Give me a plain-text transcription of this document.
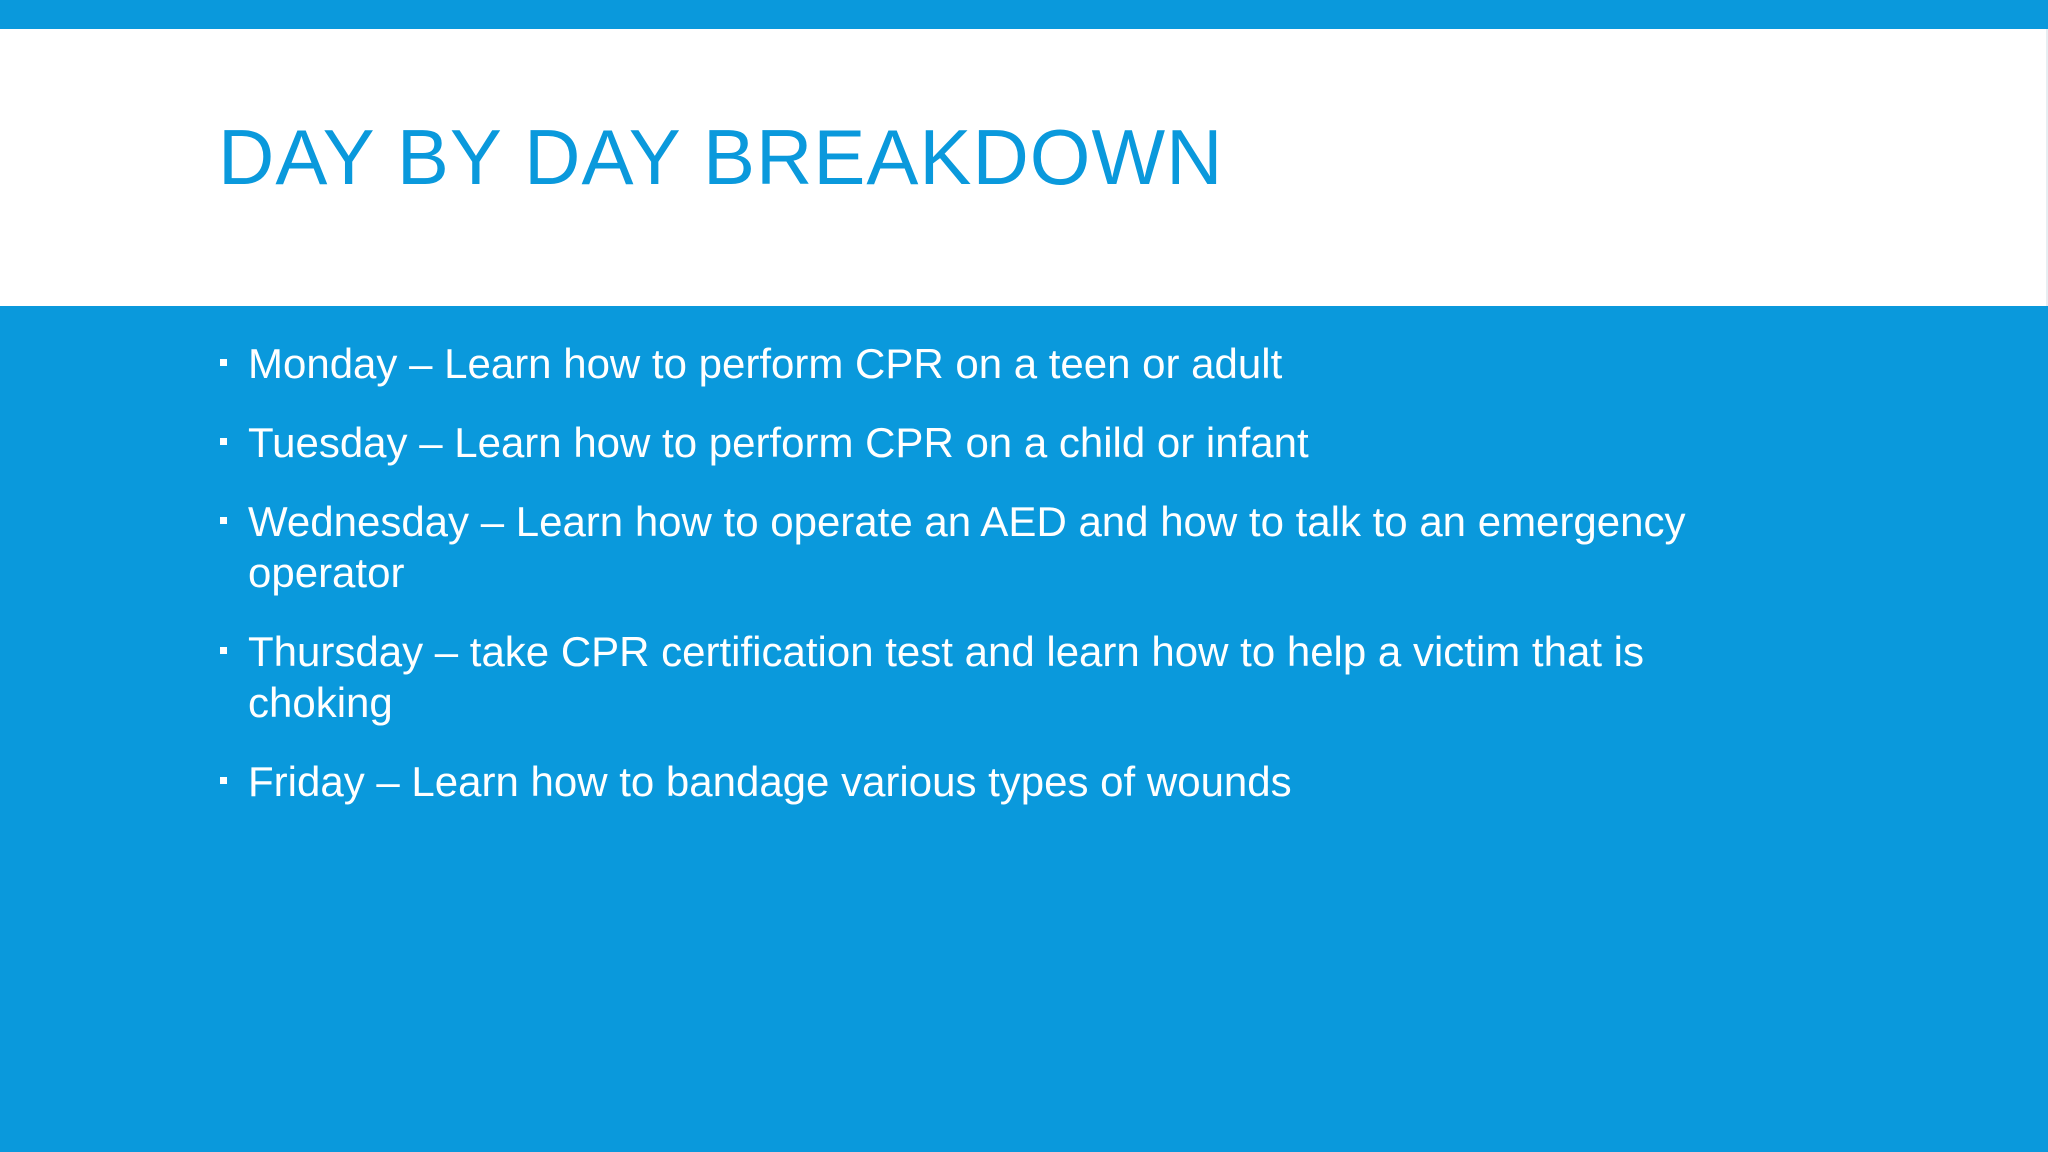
DAY BY DAY BREAKDOWN
Monday – Learn how to perform CPR on a teen or adult
Tuesday – Learn how to perform CPR on a child or infant
Wednesday – Learn how to operate an AED and how to talk to an emergency operator
Thursday – take CPR certification test and learn how to help a victim that is choking
Friday – Learn how to bandage various types of wounds
